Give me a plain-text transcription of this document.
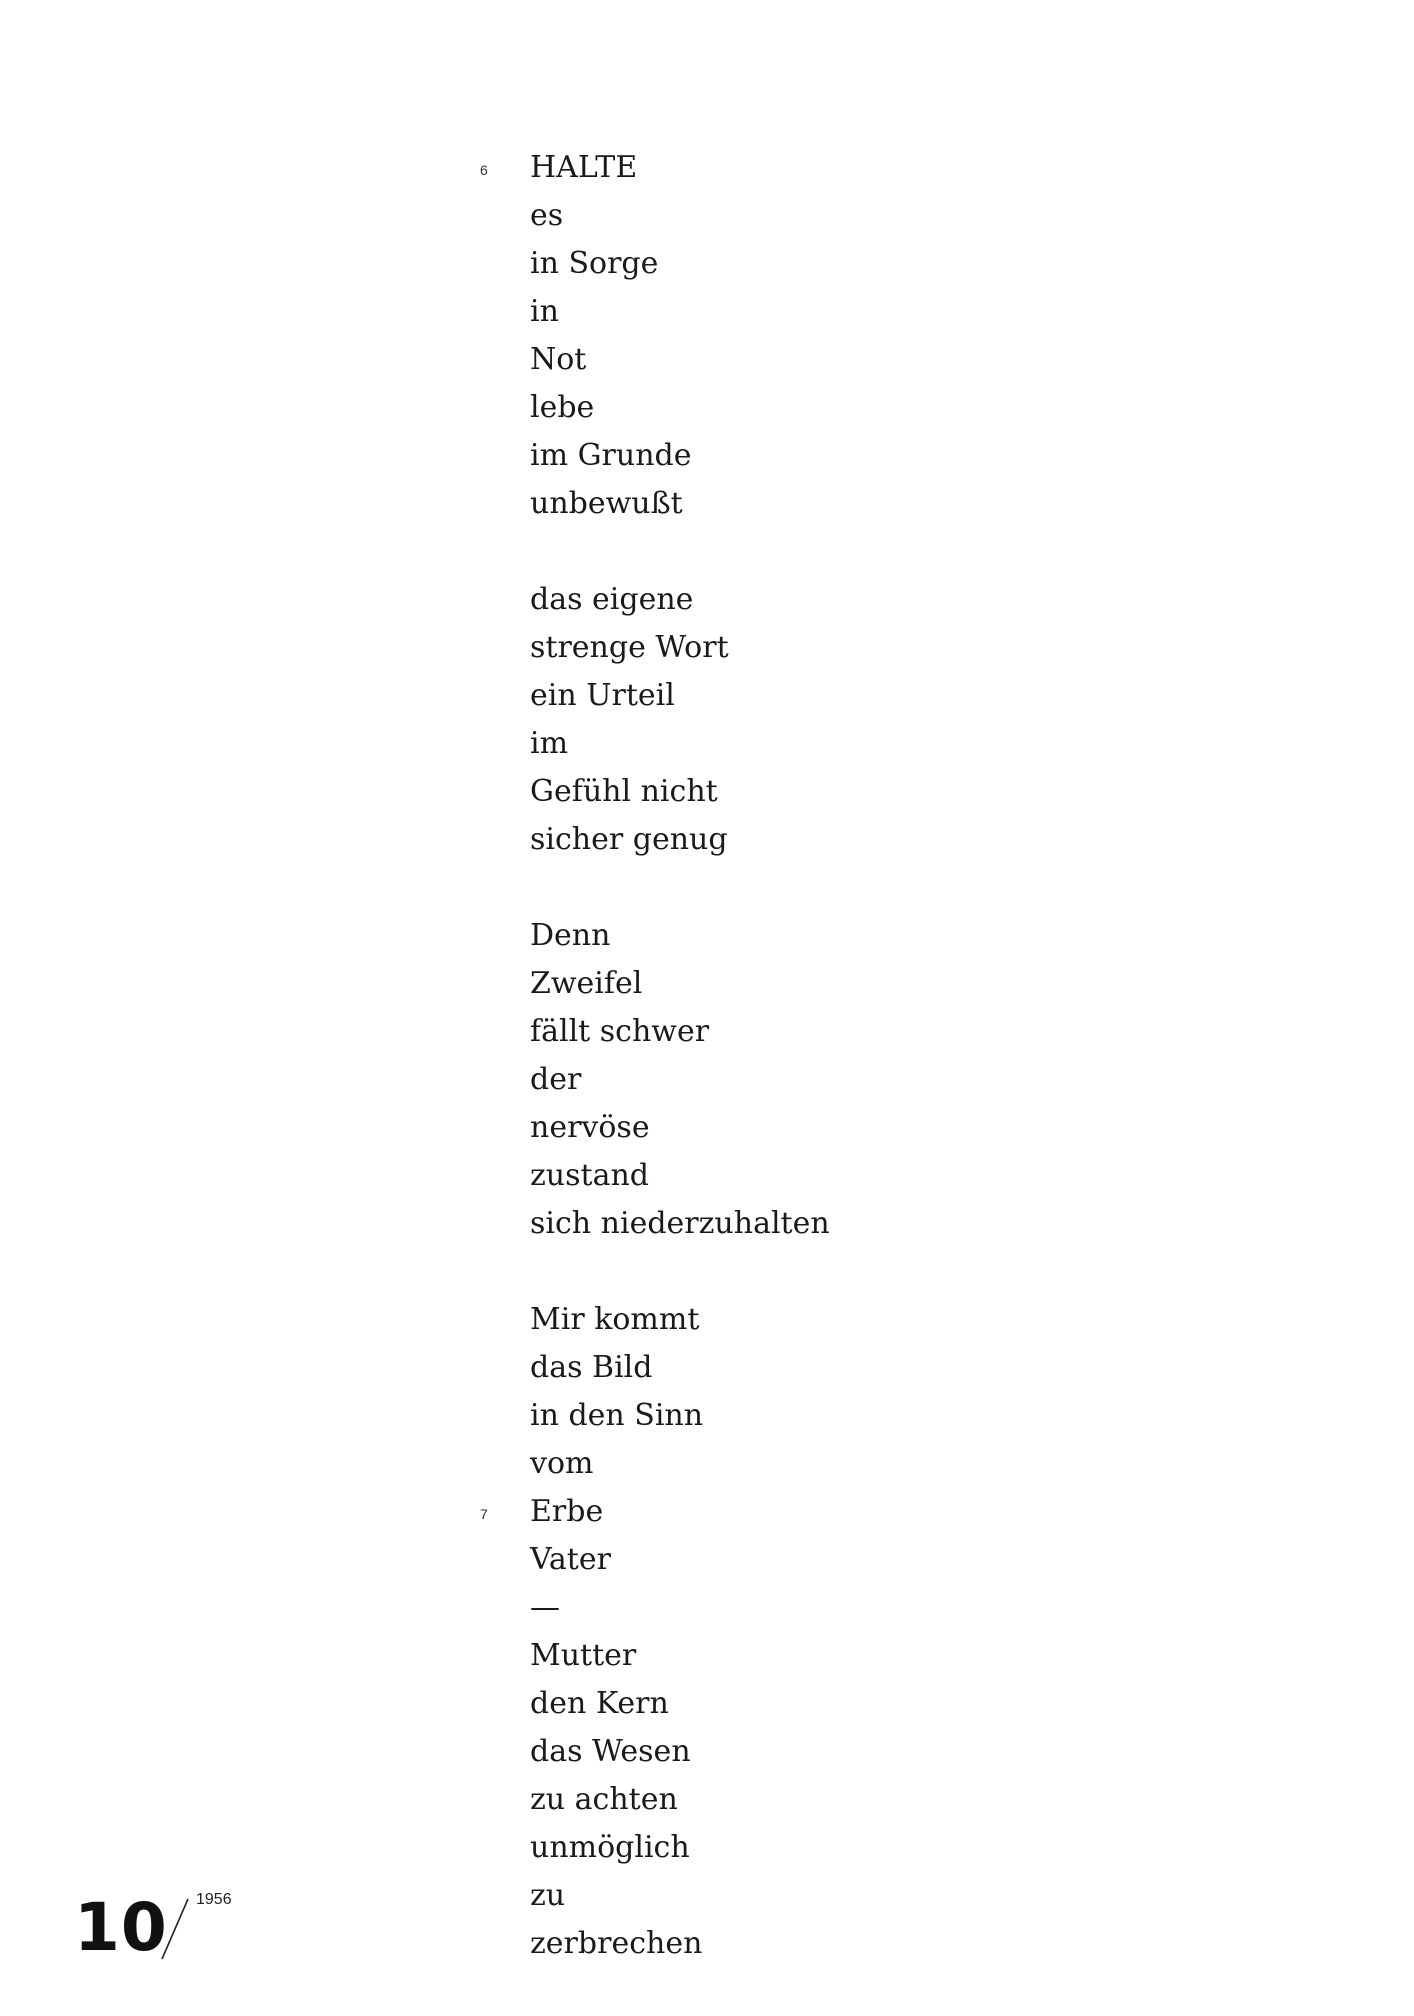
6 HALTE
es
in Sorge
in
Not
lebe
im Grunde
unbewußt
das eigene
strenge Wort
ein Urteil
im
Gefühl nicht
sicher genug
Denn
Zweifel
fällt schwer
der
nervöse
zustand
sich niederzuhalten
Mir kommt
das Bild
in den Sinn
vom
7 Erbe
Vater
—
Mutter
den Kern
das Wesen
zu achten
unmöglich
zu
zerbrechen
10 1956
